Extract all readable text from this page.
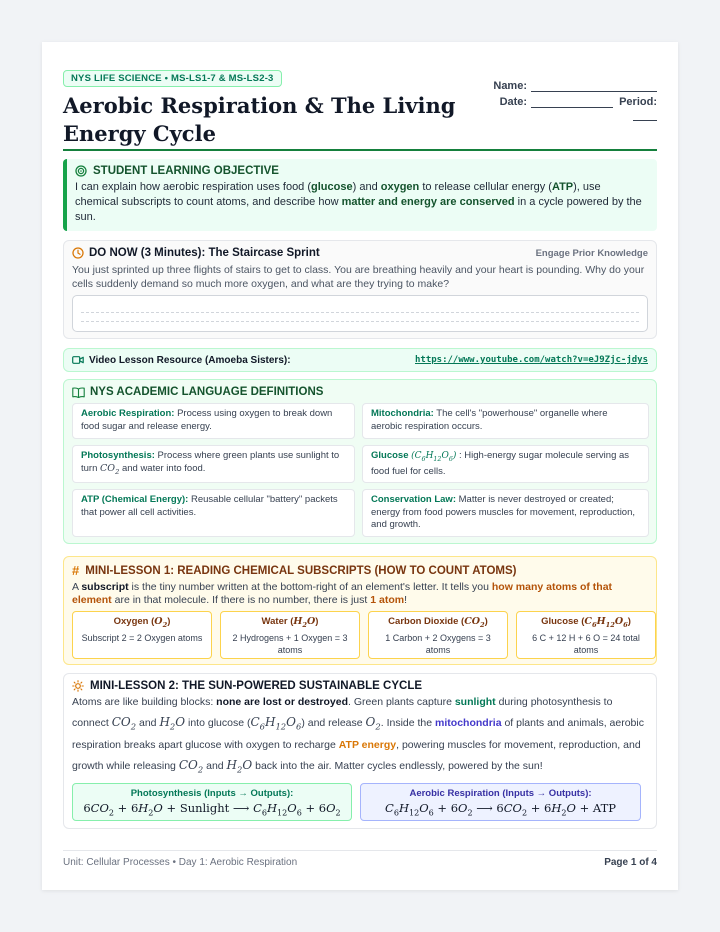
NYS LIFE SCIENCE • MS-LS1-7 & MS-LS2-3
Aerobic Respiration & The Living Energy Cycle
Name:
Date:	Period:
STUDENT LEARNING OBJECTIVE

I can explain how aerobic respiration uses food (glucose) and oxygen to release cellular energy (ATP), use chemical subscripts to count atoms, and describe how matter and energy are conserved in a cycle powered by the sun.

DO NOW (3 Minutes): The Staircase Sprint	Engage Prior Knowledge

You just sprinted up three flights of stairs to get to class. You are breathing heavily and your heart is pounding. Why do your cells suddenly demand so much more oxygen, and what are they trying to make?

Video Lesson Resource (Amoeba Sisters):	https://www.youtube.com/watch?v=eJ9Zjc-jdys
NYS ACADEMIC LANGUAGE DEFINITIONS
Aerobic Respiration: Process using oxygen to break down food sugar and release energy.
Mitochondria: The cell's "powerhouse" organelle where aerobic respiration occurs.
Photosynthesis: Process where green plants use sunlight to turn $CO_2$ and water into food.
Glucose $(C_6H_{12}O_6)$ : High-energy sugar molecule serving as food fuel for cells.
ATP (Chemical Energy): Reusable cellular "battery" packets that power all cell activities.
Conservation Law: Matter is never destroyed or created; energy from food powers muscles for movement, reproduction, and growth.
# MINI-LESSON 1: READING CHEMICAL SUBSCRIPTS (HOW TO COUNT ATOMS)

A subscript is the tiny number written at the bottom-right of an element's letter. It tells you how many atoms of that element are in that molecule. If there is no number, there is just 1 atom!

Oxygen $(O_2)$
Subscript 2 = 2 Oxygen atoms
Water $(H_2O)$
2 Hydrogens + 1 Oxygen = 3 atoms
Carbon Dioxide $(CO_2)$
1 Carbon + 2 Oxygens = 3 atoms
Glucose $(C_6H_{12}O_6)$
6 C + 12 H + 6 O = 24 total atoms
MINI-LESSON 2: THE SUN-POWERED SUSTAINABLE CYCLE

Atoms are like building blocks: none are lost or destroyed. Green plants capture sunlight during photosynthesis to connect $CO_2$ and $H_2O$ into glucose $(C_6H_{12}O_6)$ and release $O_2$. Inside the mitochondria of plants and animals, aerobic respiration breaks apart glucose with oxygen to recharge ATP energy, powering muscles for movement, reproduction, and growth while releasing $CO_2$ and $H_2O$ back into the air. Matter cycles endlessly, powered by the sun!

Photosynthesis (Inputs → Outputs):
$6CO_2 + 6H_2O$ + Sunlight ⟶ $C_6H_{12}O_6 + 6O_2$
Aerobic Respiration (Inputs → Outputs):
$C_6H_{12}O_6 + 6O_2$ ⟶ $6CO_2 + 6H_2O$ + ATP
Unit: Cellular Processes • Day 1: Aerobic Respiration	Page 1 of 4
